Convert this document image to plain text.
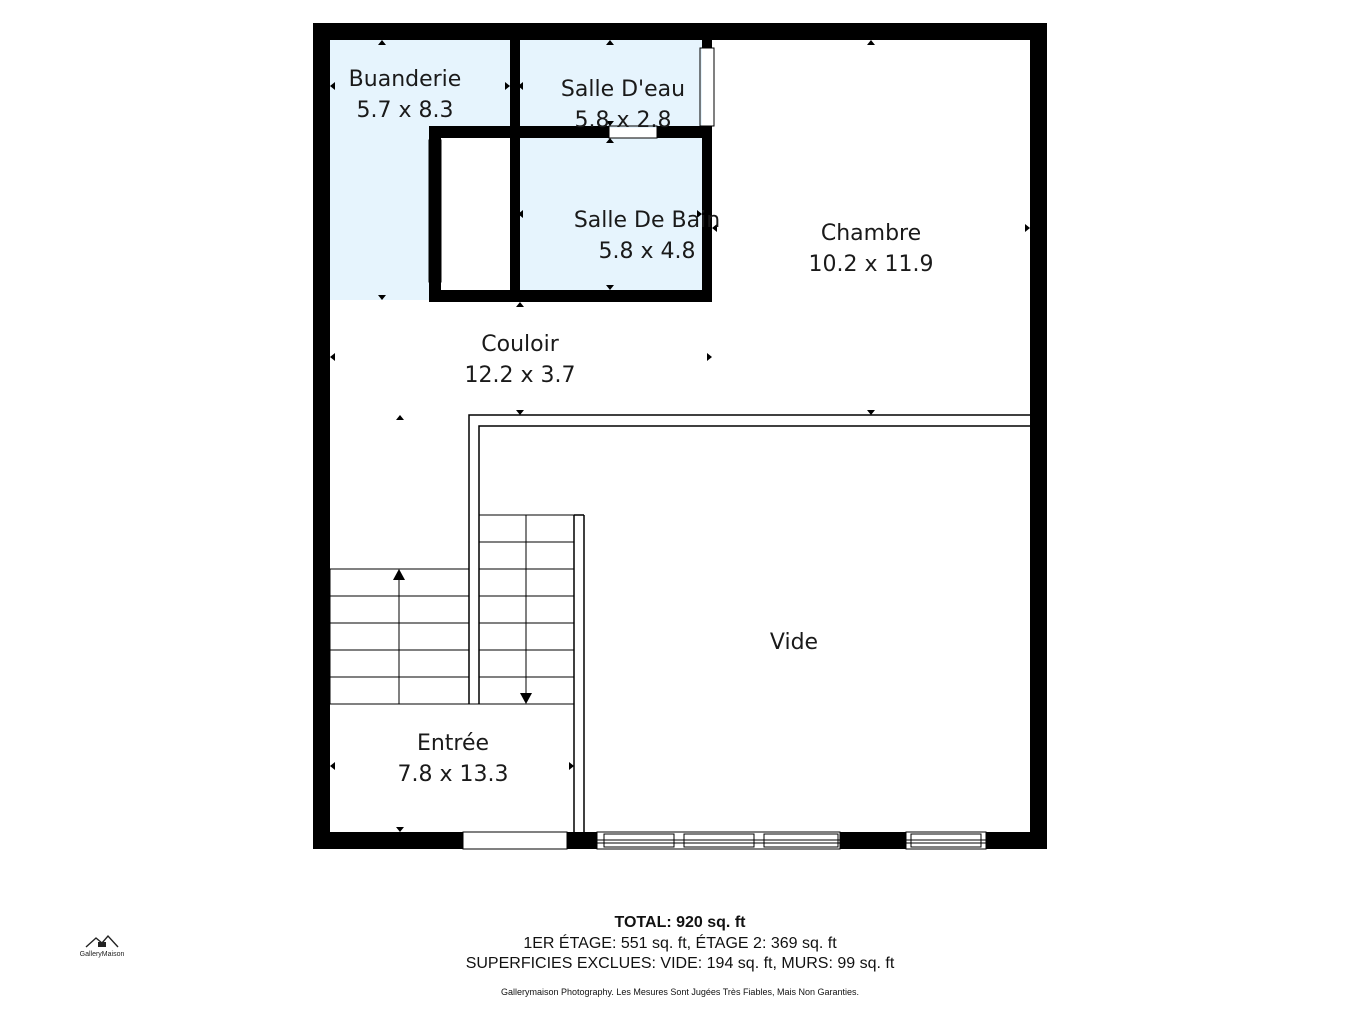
Buanderie
5.7 x 8.3
Salle D'eau
5.8 x 2.8
Salle De Bain
5.8 x 4.8
Chambre
10.2 x 11.9
Couloir
12.2 x 3.7
Vide
Entrée
7.8 x 13.3
GalleryMaison
TOTAL: 920 sq. ft
1ER ÉTAGE: 551 sq. ft, ÉTAGE 2: 369 sq. ft
SUPERFICIES EXCLUES: VIDE: 194 sq. ft, MURS: 99 sq. ft
Gallerymaison Photography. Les Mesures Sont Jugées Très Fiables, Mais Non Garanties.
